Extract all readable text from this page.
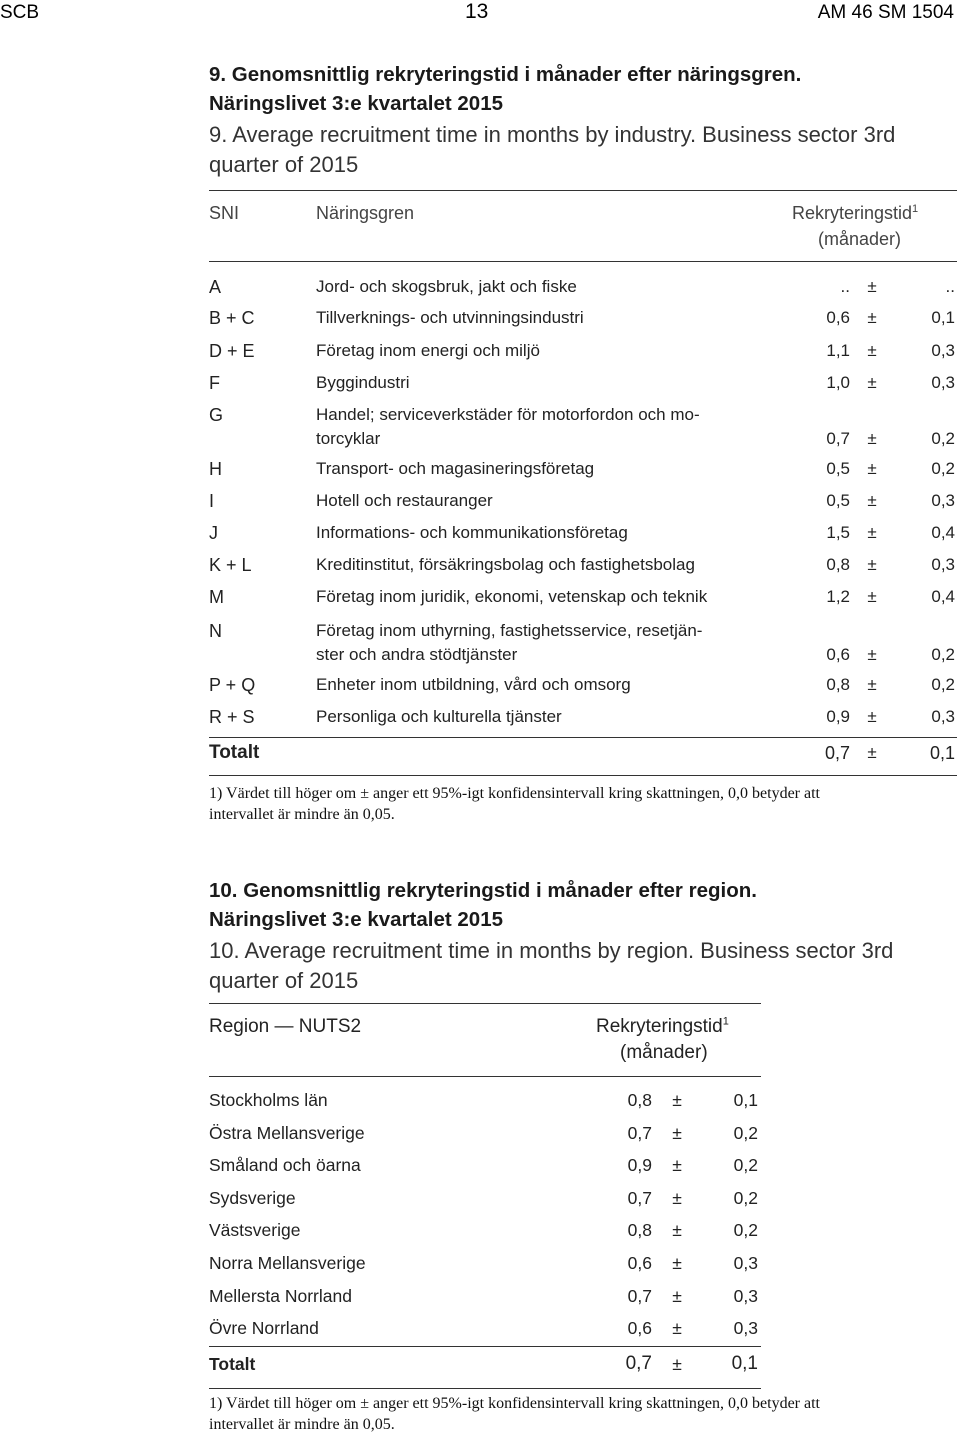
SCB	13	AM 46 SM 1504
9. Genomsnittlig rekryteringstid i månader efter näringsgren.
Näringslivet 3:e kvartalet 2015
9. Average recruitment time in months by industry. Business sector 3rd
quarter of 2015
SNI	Näringsgren	Rekryteringstid$^1$
(månader)
A	Jord- och skogsbruk, jakt och fiske	..	±	..
B + C	Tillverknings- och utvinningsindustri	0,6	±	0,1
D + E	Företag inom energi och miljö	1,1	±	0,3
F	Byggindustri	1,0	±	0,3
G	Handel; serviceverkstäder för motorfordon och mo-
torcyklar	0,7	±	0,2
H	Transport- och magasineringsföretag	0,5	±	0,2
I	Hotell och restauranger	0,5	±	0,3
J	Informations- och kommunikationsföretag	1,5	±	0,4
K + L	Kreditinstitut, försäkringsbolag och fastighetsbolag	0,8	±	0,3
M	Företag inom juridik, ekonomi, vetenskap och teknik	1,2	±	0,4
N	Företag inom uthyrning, fastighetsservice, resetjän-
ster och andra stödtjänster	0,6	±	0,2
P + Q	Enheter inom utbildning, vård och omsorg	0,8	±	0,2
R + S	Personliga och kulturella tjänster	0,9	±	0,3
Totalt	0,7	±	0,1
1) Värdet till höger om ± anger ett 95%-igt konfidensintervall kring skattningen, 0,0 betyder att
intervallet är mindre än 0,05.
10. Genomsnittlig rekryteringstid i månader efter region.
Näringslivet 3:e kvartalet 2015
10. Average recruitment time in months by region. Business sector 3rd
quarter of 2015
Region — NUTS2	Rekryteringstid$^1$
(månader)
Stockholms län	0,8 ±	0,1
Östra Mellansverige	0,7 ±	0,2
Småland och öarna	0,9 ±	0,2
Sydsverige	0,7 ±	0,2
Västsverige	0,8 ±	0,2
Norra Mellansverige	0,6 ±	0,3
Mellersta Norrland	0,7 ±	0,3
Övre Norrland	0,6 ±	0,3
Totalt	0,7 ±	0,1
1) Värdet till höger om ± anger ett 95%-igt konfidensintervall kring skattningen, 0,0 betyder att
intervallet är mindre än 0,05.
